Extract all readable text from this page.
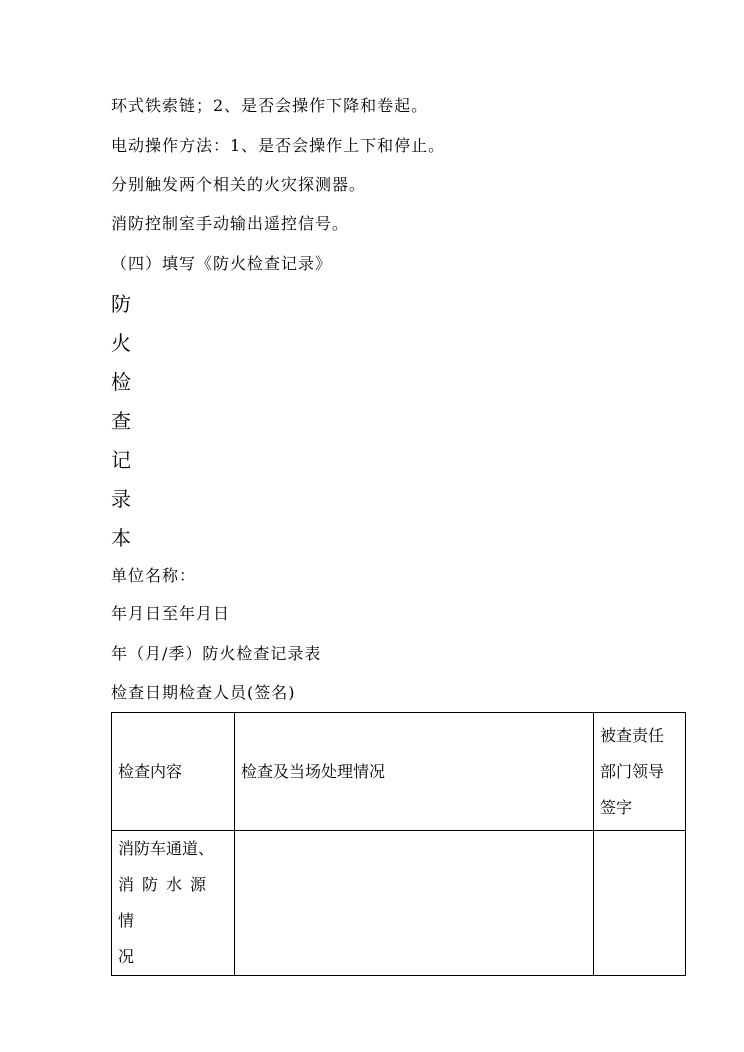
环式铁索链；2、是否会操作下降和卷起。
电动操作方法：1、是否会操作上下和停止。
分别触发两个相关的火灾探测器。
消防控制室手动输出遥控信号。
（四）填写《防火检查记录》
防
火
检
查
记
录
本
单位名称：
年月日至年月日
年（月/季）防火检查记录表
检查日期检查人员(签名)
检查内容	检查及当场处理情况	被查责任
部门领导
签字

消防车通道、
消防水源情
况		
